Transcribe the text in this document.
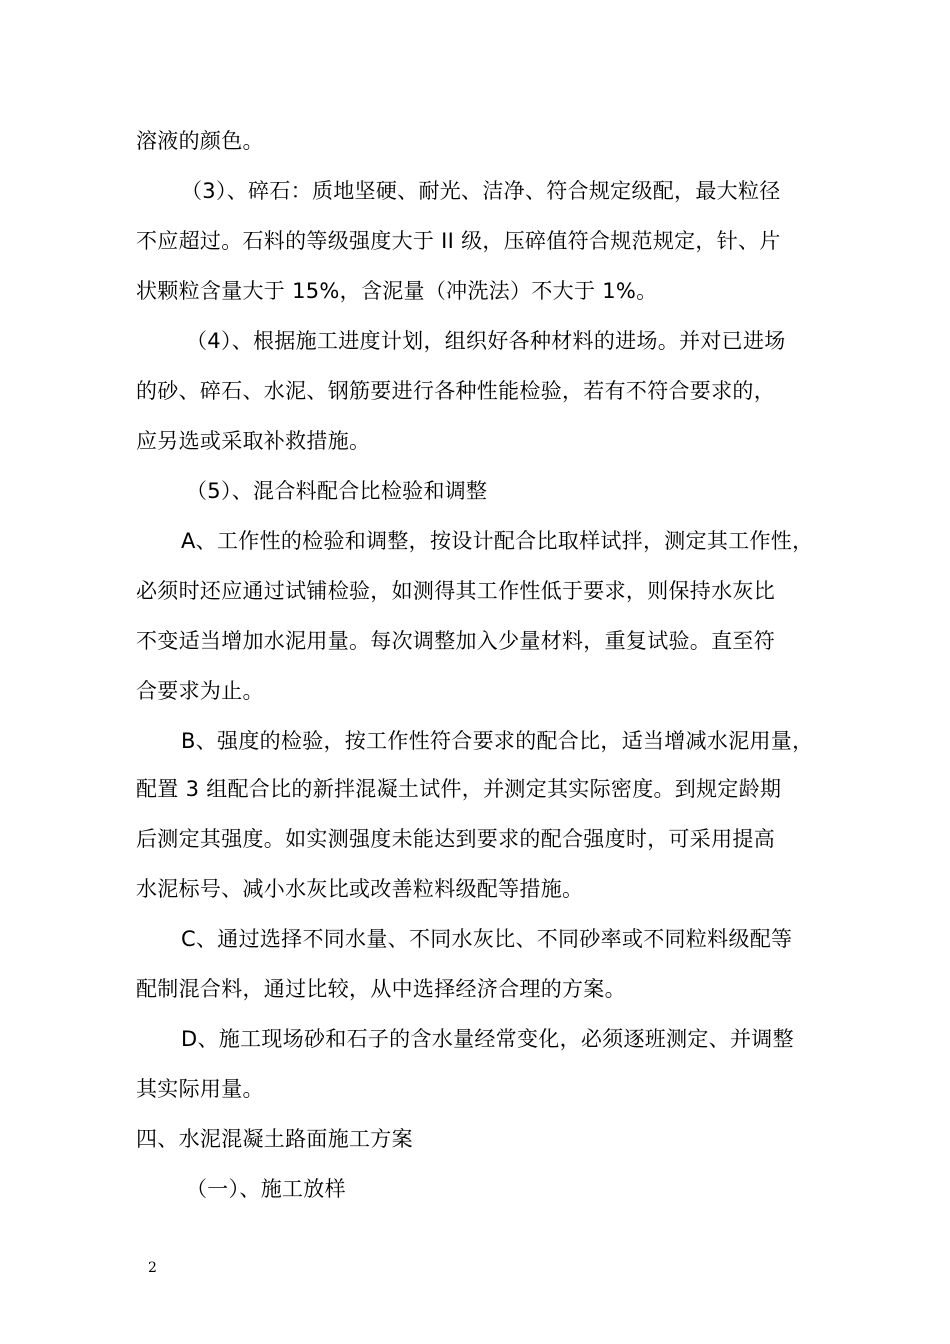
溶液的颜色。
（3）、碎石：质地坚硬、耐光、洁净、符合规定级配，最大粒径
不应超过。石料的等级强度大于 II 级，压碎值符合规范规定，针、片
状颗粒含量大于 15%，含泥量（冲洗法）不大于 1%。
（4）、根据施工进度计划，组织好各种材料的进场。并对已进场
的砂、碎石、水泥、钢筋要进行各种性能检验，若有不符合要求的，
应另选或采取补救措施。
（5）、混合料配合比检验和调整
A、工作性的检验和调整，按设计配合比取样试拌，测定其工作性，
必须时还应通过试铺检验，如测得其工作性低于要求，则保持水灰比
不变适当增加水泥用量。每次调整加入少量材料，重复试验。直至符
合要求为止。
B、强度的检验，按工作性符合要求的配合比，适当增减水泥用量，
配置 3 组配合比的新拌混凝土试件，并测定其实际密度。到规定龄期
后测定其强度。如实测强度未能达到要求的配合强度时，可采用提高
水泥标号、减小水灰比或改善粒料级配等措施。
C、通过选择不同水量、不同水灰比、不同砂率或不同粒料级配等
配制混合料，通过比较，从中选择经济合理的方案。
D、施工现场砂和石子的含水量经常变化，必须逐班测定、并调整
其实际用量。
四、水泥混凝土路面施工方案
（一）、施工放样
2
